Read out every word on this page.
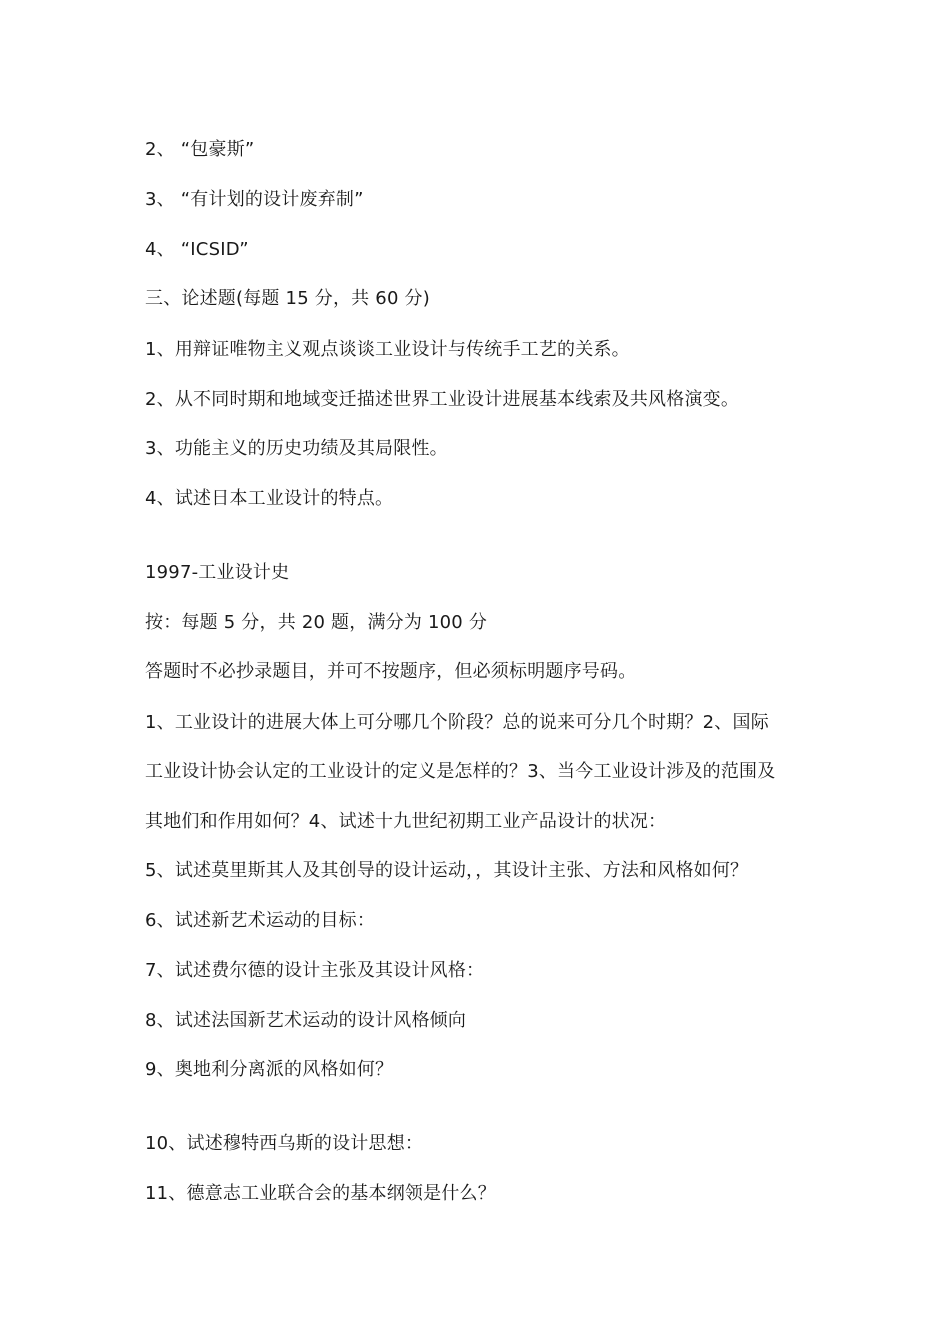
2、 “包豪斯”
3、 “有计划的设计废弃制”
4、 “ICSID”
三、论述题(每题 15 分，共 60 分)
1、用辩证唯物主义观点谈谈工业设计与传统手工艺的关系。
2、从不同时期和地域变迁描述世界工业设计进展基本线索及共风格演变。
3、功能主义的历史功绩及其局限性。
4、试述日本工业设计的特点。
1997-工业设计史
按：每题 5 分，共 20 题，满分为 100 分
答题时不必抄录题目，并可不按题序，但必须标明题序号码。
1、工业设计的进展大体上可分哪几个阶段？总的说来可分几个时期？2、国际
工业设计协会认定的工业设计的定义是怎样的？3、当今工业设计涉及的范围及
其地们和作用如何？4、试述十九世纪初期工业产品设计的状况：
5、试述莫里斯其人及其创导的设计运动，，其设计主张、方法和风格如何？
6、试述新艺术运动的目标：
7、试述费尔德的设计主张及其设计风格：
8、试述法国新艺术运动的设计风格倾向
9、奥地利分离派的风格如何？
10、试述穆特西乌斯的设计思想：
11、德意志工业联合会的基本纲领是什么？
